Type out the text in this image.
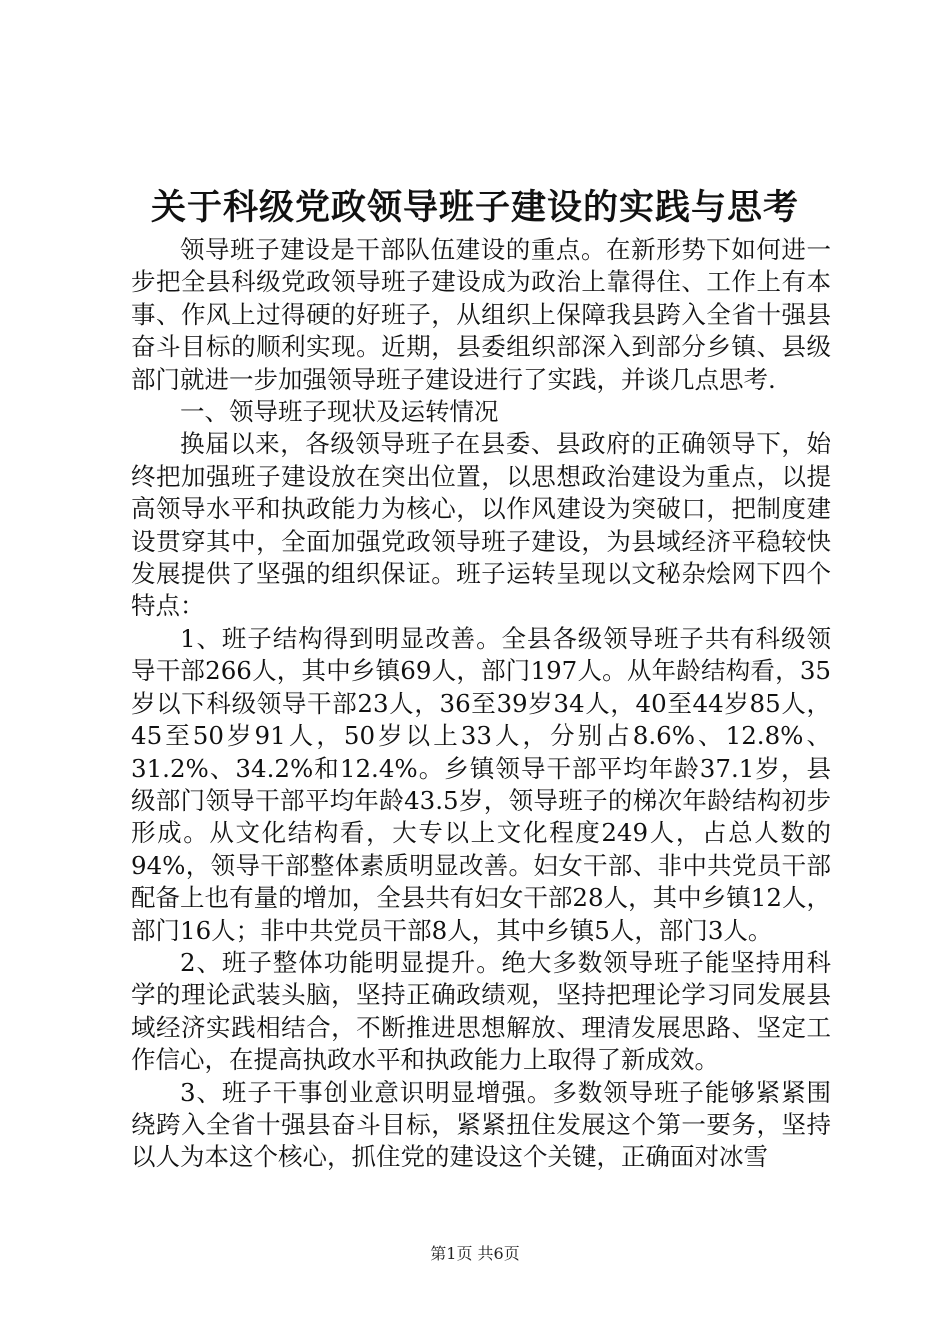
关于科级党政领导班子建设的实践与思考

领导班子建设是干部队伍建设的重点。在新形势下如何进一步把全县科级党政领导班子建设成为政治上靠得住、工作上有本事、作风上过得硬的好班子，从组织上保障我县跨入全省十强县奋斗目标的顺利实现。近期，县委组织部深入到部分乡镇、县级部门就进一步加强领导班子建设进行了实践，并谈几点思考.

一、领导班子现状及运转情况

换届以来，各级领导班子在县委、县政府的正确领导下，始终把加强班子建设放在突出位置，以思想政治建设为重点，以提高领导水平和执政能力为核心，以作风建设为突破口，把制度建设贯穿其中，全面加强党政领导班子建设，为县域经济平稳较快发展提供了坚强的组织保证。班子运转呈现以文秘杂烩网下四个特点：

1、班子结构得到明显改善。全县各级领导班子共有科级领导干部266人，其中乡镇69人，部门197人。从年龄结构看，35岁以下科级领导干部23人，36至39岁34人，40至44岁85人，45至50岁91人，50岁以上33人，分别占8.6%、12.8%、31.2%、34.2%和12.4%。乡镇领导干部平均年龄37.1岁，县级部门领导干部平均年龄43.5岁，领导班子的梯次年龄结构初步形成。从文化结构看，大专以上文化程度249人，占总人数的94%，领导干部整体素质明显改善。妇女干部、非中共党员干部配备上也有量的增加，全县共有妇女干部28人，其中乡镇12人，部门16人；非中共党员干部8人，其中乡镇5人，部门3人。

2、班子整体功能明显提升。绝大多数领导班子能坚持用科学的理论武装头脑，坚持正确政绩观，坚持把理论学习同发展县域经济实践相结合，不断推进思想解放、理清发展思路、坚定工作信心，在提高执政水平和执政能力上取得了新成效。

3、班子干事创业意识明显增强。多数领导班子能够紧紧围绕跨入全省十强县奋斗目标，紧紧扭住发展这个第一要务，坚持以人为本这个核心，抓住党的建设这个关键，正确面对冰雪

第1页 共6页
